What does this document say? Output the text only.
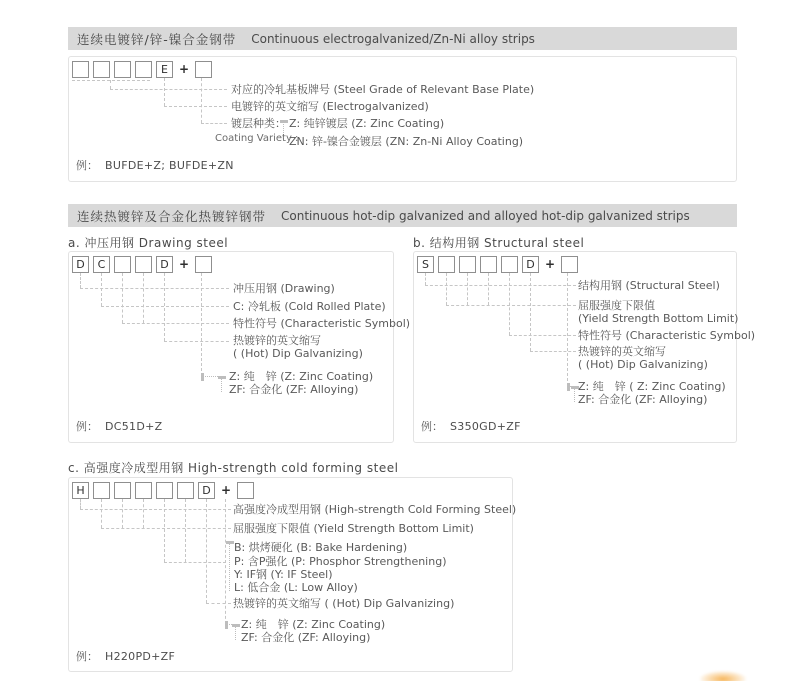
连续电镀锌/锌-镍合金钢带 Continuous electrogalvanized/Zn-Ni alloy strips
E +
对应的冷轧基板牌号 (Steel Grade of Relevant Base Plate)
电镀锌的英文缩写 (Electrogalvanized)
镀层种类：
Coating Variety :
Z: 纯锌镀层 (Z: Zinc Coating)
ZN: 锌-镍合金镀层 (ZN: Zn-Ni Alloy Coating)
例： BUFDE+Z; BUFDE+ZN
连续热镀锌及合金化热镀锌钢带 Continuous hot-dip galvanized and alloyed hot-dip galvanized strips
a. 冲压用钢 Drawing steel
D	C	D +
冲压用钢 (Drawing)
C: 冷轧板 (Cold Rolled Plate)
特性符号 (Characteristic Symbol)
热镀锌的英文缩写
( (Hot) Dip Galvanizing)
Z: 纯　锌 (Z: Zinc Coating)
ZF: 合金化 (ZF: Alloying)
例： DC51D+Z
b. 结构用钢 Structural steel
S	D +
结构用钢 (Structural Steel)
屈服强度下限值
(Yield Strength Bottom Limit)
特性符号 (Characteristic Symbol)
热镀锌的英文缩写
( (Hot) Dip Galvanizing)
Z: 纯　锌 ( Z: Zinc Coating)
ZF: 合金化 (ZF: Alloying)
例： S350GD+ZF
c. 高强度冷成型用钢 High-strength cold forming steel
H	D +
高强度冷成型用钢 (High-strength Cold Forming Steel)
屈服强度下限值 (Yield Strength Bottom Limit)
B: 烘烤硬化 (B: Bake Hardening)
P: 含P强化 (P: Phosphor Strengthening)
Y: IF钢 (Y: IF Steel)
L: 低合金 (L: Low Alloy)
热镀锌的英文缩写 ( (Hot) Dip Galvanizing)
Z: 纯　锌 (Z: Zinc Coating)
ZF: 合金化 (ZF: Alloying)
例： H220PD+ZF
